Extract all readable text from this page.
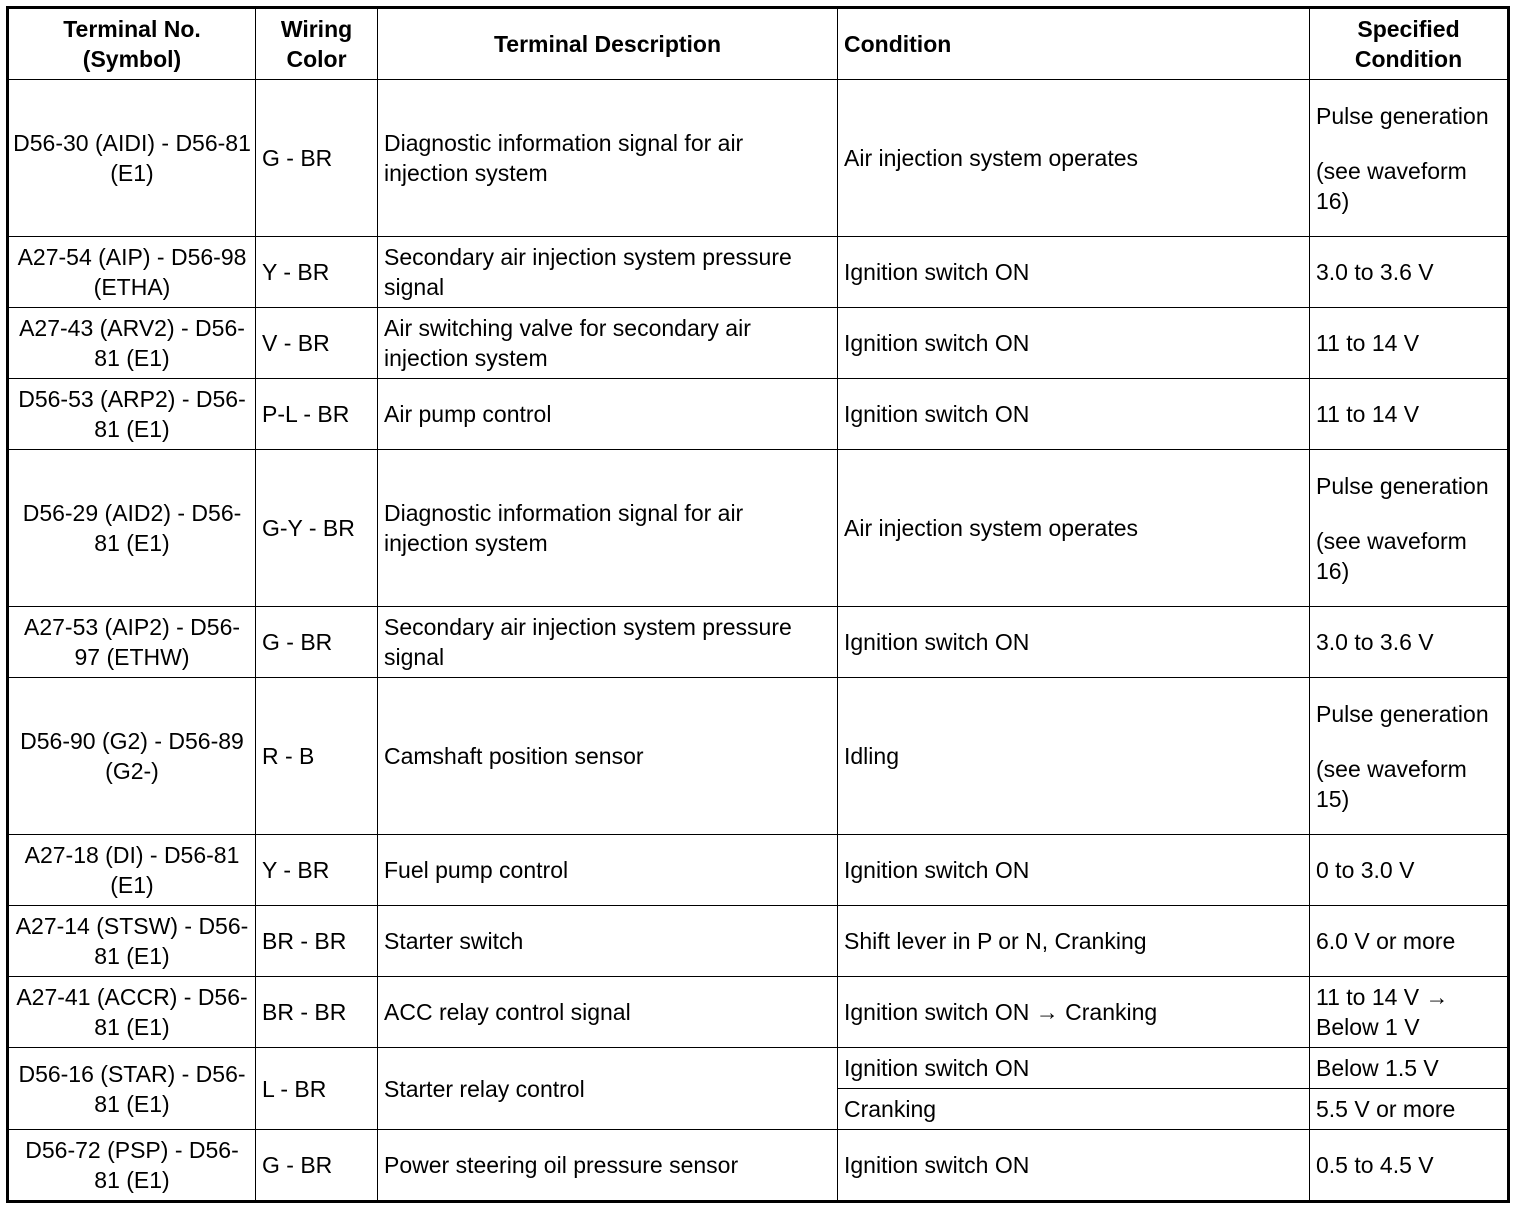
Terminal No. (Symbol)	Wiring Color	Terminal Description	Condition	Specified Condition
D56-30 (AIDI) - D56-81 (E1)	G - BR	Diagnostic information signal for air injection system	Air injection system operates	Pulse generation
(see waveform 16)

A27-54 (AIP) - D56-98 (ETHA)	Y - BR	Secondary air injection system pressure signal	Ignition switch ON	3.0 to 3.6 V
A27-43 (ARV2) - D56-81 (E1)	V - BR	Air switching valve for secondary air injection system	Ignition switch ON	11 to 14 V
D56-53 (ARP2) - D56-81 (E1)	P-L - BR	Air pump control	Ignition switch ON	11 to 14 V
D56-29 (AID2) - D56-81 (E1)	G-Y - BR	Diagnostic information signal for air injection system	Air injection system operates	Pulse generation
(see waveform 16)

A27-53 (AIP2) - D56-97 (ETHW)	G - BR	Secondary air injection system pressure signal	Ignition switch ON	3.0 to 3.6 V
D56-90 (G2) - D56-89 (G2-)	R - B	Camshaft position sensor	Idling	Pulse generation
(see waveform 15)

A27-18 (DI) - D56-81 (E1)	Y - BR	Fuel pump control	Ignition switch ON	0 to 3.0 V
A27-14 (STSW) - D56-81 (E1)	BR - BR	Starter switch	Shift lever in P or N, Cranking	6.0 V or more
A27-41 (ACCR) - D56-81 (E1)	BR - BR	ACC relay control signal	Ignition switch ON → Cranking	11 to 14 V → Below 1 V
D56-16 (STAR) - D56-81 (E1)	L - BR	Starter relay control	Ignition switch ON	Below 1.5 V
			Cranking	5.5 V or more
D56-72 (PSP) - D56-81 (E1)	G - BR	Power steering oil pressure sensor	Ignition switch ON	0.5 to 4.5 V
